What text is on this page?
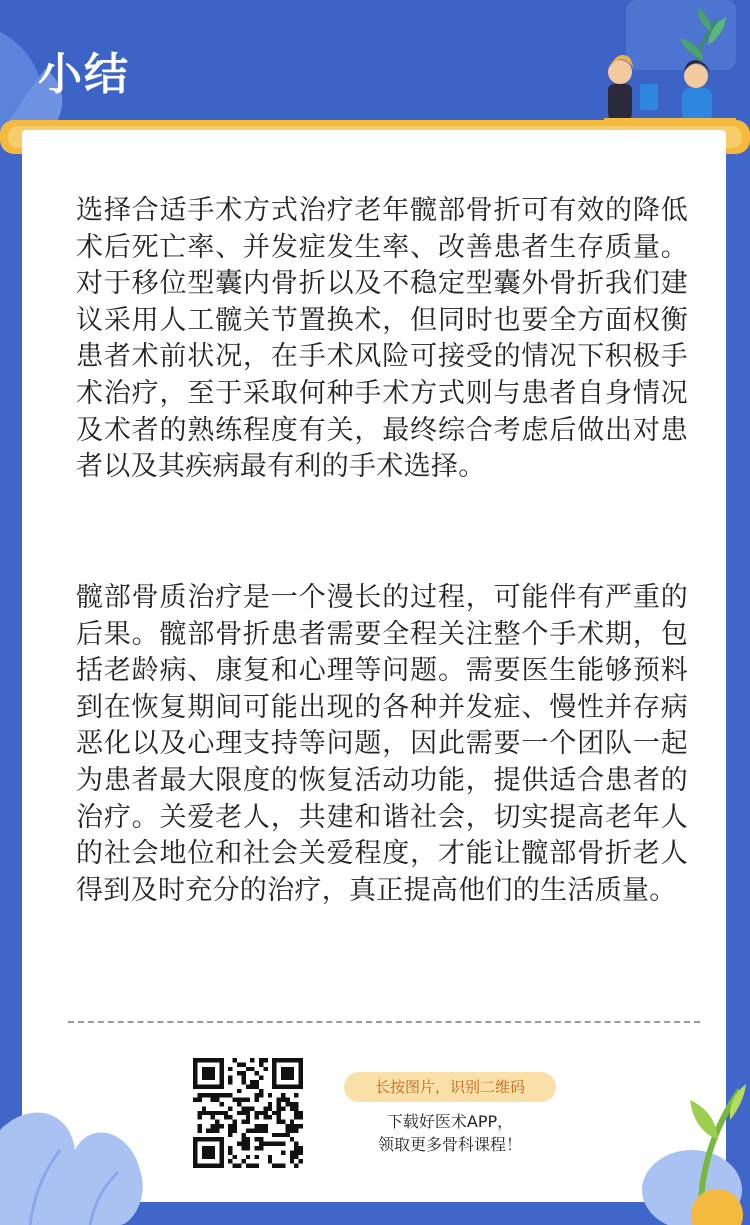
小结

选择合适手术方式治疗老年髋部骨折可有效的降低术后死亡率、并发症发生率、改善患者生存质量。对于移位型囊内骨折以及不稳定型囊外骨折我们建议采用人工髋关节置换术，但同时也要全方面权衡患者术前状况，在手术风险可接受的情况下积极手术治疗，至于采取何种手术方式则与患者自身情况及术者的熟练程度有关，最终综合考虑后做出对患者以及其疾病最有利的手术选择。

髋部骨质治疗是一个漫长的过程，可能伴有严重的后果。髋部骨折患者需要全程关注整个手术期，包括老龄病、康复和心理等问题。需要医生能够预料到在恢复期间可能出现的各种并发症、慢性并存病恶化以及心理支持等问题，因此需要一个团队一起为患者最大限度的恢复活动功能，提供适合患者的治疗。关爱老人，共建和谐社会，切实提高老年人的社会地位和社会关爱程度，才能让髋部骨折老人得到及时充分的治疗，真正提高他们的生活质量。

长按图片，识别二维码
下载好医术APP，
领取更多骨科课程！
